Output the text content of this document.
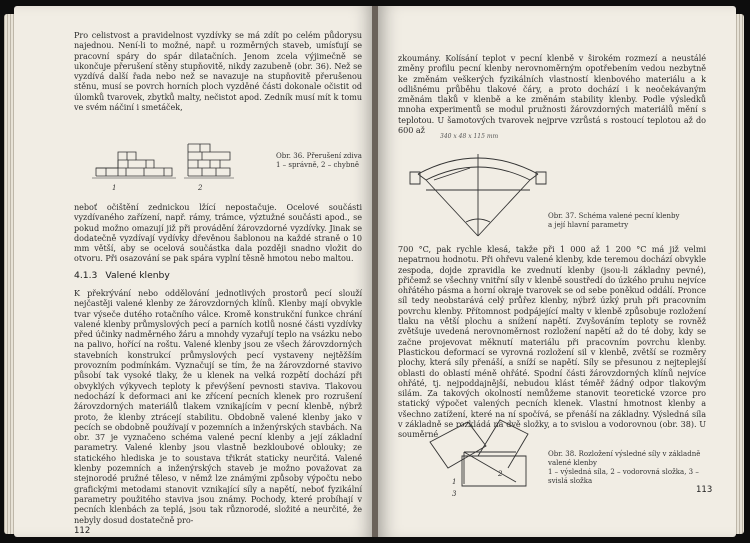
Pro celistvost a pravidelnost vyzdívky se má zdít po celém půdorysu najednou. Není-li to možné, např. u rozměrných staveb, umísťují se pracovní spáry do spár dilatačních. Jenom zcela výjimečně se ukončuje přerušení stěny stupňovitě, nikdy zazubeně (obr. 36). Než se vyzdívá další řada nebo než se navazuje na stupňovitě přerušenou stěnu, musí se povrch horních ploch vyzděné části dokonale očistit od úlomků tvarovek, zbytků malty, nečistot apod. Zedník musí mít k tomu ve svém náčiní i smetáček,
1	2
Obr. 36. Přerušení zdiva
1 – správně, 2 – chybně
neboť očištění zednickou lžící nepostačuje. Ocelové součásti vyzdívaného zařízení, např. rámy, trámce, výztužné součásti apod., se pokud možno omazují již při provádění žárovzdorné vyzdívky. Jinak se dodatečně vyzdívají vydívky dřevěnou šablonou na každé straně o 10 mm větší, aby se ocelová součástka dala později snadno vložit do otvoru. Při osazování se pak spára vyplní těsně hmotou nebo maltou.
4.1.3 Valené klenby
K překrývání nebo oddělování jednotlivých prostorů pecí slouží nejčastěji valené klenby ze žárovzdorných klínů. Klenby mají obvykle tvar výseče dutého rotačního válce. Kromě konstrukční funkce chrání valené klenby průmyslových pecí a parních kotlů nosné části vyzdívky před účinky nadměrného žáru a mnohdy vyzařují teplo na vsázku nebo na palivo, hořící na roštu. Valené klenby jsou ze všech žárovzdorných stavebních konstrukcí průmyslových pecí vystaveny nejtěžším provozním podmínkám. Vyznačují se tím, že na žárovzdorné stavivo působí tak vysoké tlaky, že u klenek na velká rozpětí dochází při obvyklých výkyvech teploty k převýšení pevnosti staviva. Tlakovou nedochází k deformaci ani ke zřícení pecních klenek pro rozrušení žárovzdorných materiálů tlakem vznikajícím v pecní klenbě, nýbrž proto, že klenby ztrácejí stabilitu. Obdobně valené klenby jako v pecích se obdobně používají v pozemních a inženýrských stavbách. Na obr. 37 je vyznačeno schéma valené pecní klenby a její základní parametry. Valené klenby jsou vlastně bezkloubové oblouky; ze statického hlediska je to soustava třikrát staticky neurčitá. Valené klenby pozemních a inženýrských staveb je možno považovat za stejnorodé pružné těleso, v němž lze známými způsoby výpočtu nebo grafickými metodami stanovit vznikající síly a napětí, neboť fyzikální parametry použitého staviva jsou známy. Pochody, které probíhají v pecních klenbách za teplá, jsou tak různorodé, složité a neurčité, že nebyly dosud dostatečně pro-
112
zkoumány. Kolísání teplot v pecní klenbě v širokém rozmezí a neustálé změny profilu pecní klenby nerovnoměrným opotřebením vedou nezbytně ke změnám veškerých fyzikálních vlastností klenbového materiálu a k odlišnému průběhu tlakové čáry, a proto dochází i k neočekávaným změnám tlaků v klenbě a ke změnám stability klenby. Podle výsledků mnoha experimentů se modul pružnosti žárovzdorných materiálů mění s teplotou. U šamotových tvarovek nejprve vzrůstá s rostoucí teplotou až do 600 až
340 x 48 x 115 mm
Obr. 37. Schéma valené pecní klenby
a její hlavní parametry
700 °C, pak rychle klesá, takže při 1 000 až 1 200 °C má již velmi nepatrnou hodnotu. Při ohřevu valené klenby, kde teremou dochází obvykle zespoda, dojde zpravidla ke zvednutí klenby (jsou-li základny pevné), přičemž se všechny vnitřní síly v klenbě soustředí do úzkého pruhu nejvíce ohřátého pásma a horní okraje tvarovek se od sebe poněkud oddálí. Pronce síl tedy neobstarává celý průřez klenby, nýbrž úzký pruh při pracovním povrchu klenby. Přítomnost podpájející malty v klenbě způsobuje rozložení tlaku na větší plochu a snížení napětí. Zvyšováním teploty se rovněž zvětšuje uvedená nerovnoměrnost rozložení napětí až do té doby, kdy se začne projevovat měknutí materiálu při pracovním povrchu klenby. Plastickou deformací se vyrovná rozložení sil v klenbě, zvětší se rozměry plochy, která síly přenáší, a sníží se napětí. Síly se přesunou z nejteplejší oblasti do oblastí méně ohřáté. Spodní části žárovzdorných klínů nejvíce ohřáté, tj. nejpoddajnější, nebudou klást téměř žádný odpor tlakovým silám. Za takových okolností nemůžeme stanovit teoretické vzorce pro statický výpočet valených pecních klenek. Vlastní hmotnost klenby a všechno zatížení, které na ní spočívá, se přenáší na základny. Výsledná síla v základně se rozkládá na dvě složky, a to svislou a vodorovnou (obr. 38). U souměrné
1
2
3
Obr. 38. Rozložení výsledné síly v základně valené klenby
1 – výsledná síla, 2 – vodorovná složka, 3 – svislá složka
113
